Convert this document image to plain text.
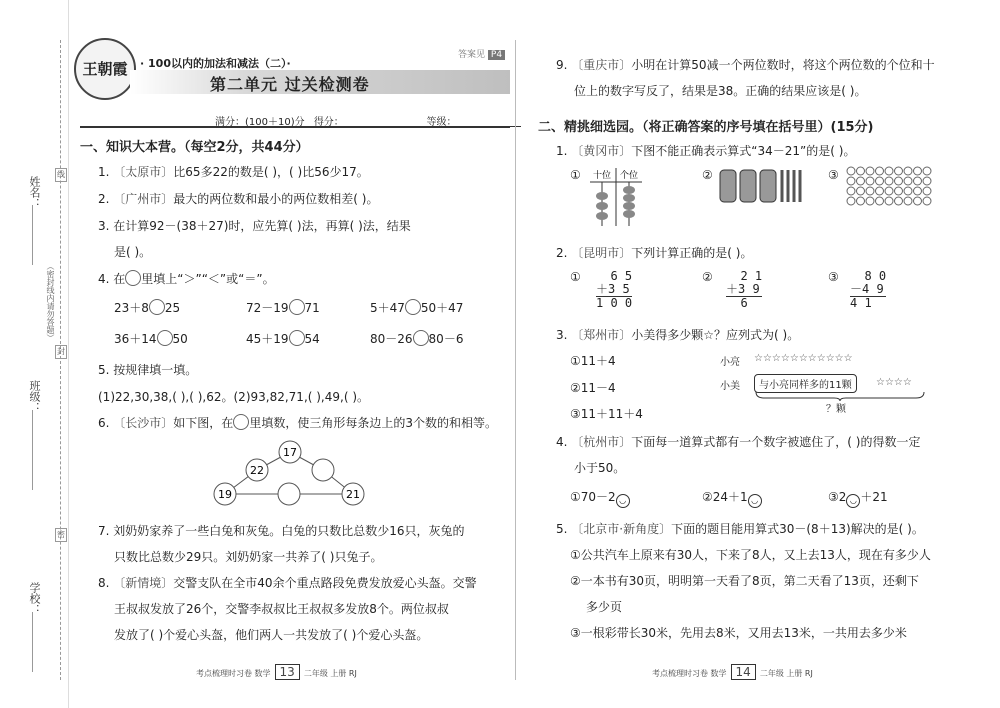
姓名：
班级：
学校：
线
封
密
（密封线内请勿答题）
王朝霞	· 100以内的加法和减法（二）·
答案见 P4
第二单元 过关检测卷
满分：(100＋10)分 得分：	等级：
一、知识大本营。（每空2分，共44分）
1. 〔太原市〕比65多22的数是( )，( )比56少17。
2. 〔广州市〕最大的两位数和最小的两位数相差( )。
3. 在计算92－(38＋27)时，应先算( )法，再算( )法，结果
是( )。
4. 在 里填上“＞”“＜”或“＝”。
23＋8 25	72－19 71	5＋47 50＋47
36＋14 50	45＋19 54	80－26 80－6
5. 按规律填一填。
(1)22,30,38,( ),( ),62。(2)93,82,71,( ),49,( )。
6. 〔长沙市〕如下图，在 里填数，使三角形每条边上的3个数的和相等。
17
22
19	21
7. 刘奶奶家养了一些白兔和灰兔。白兔的只数比总数少16只，灰兔的
只数比总数少29只。刘奶奶家一共养了( )只兔子。
8. 〔新情境〕交警支队在全市40余个重点路段免费发放爱心头盔。交警
王叔叔发放了26个，交警李叔叔比王叔叔多发放8个。两位叔叔
发放了( )个爱心头盔，他们两人一共发放了( )个爱心头盔。
考点梳理时习卷 数学 13 二年级 上册 RJ
9. 〔重庆市〕小明在计算50减一个两位数时，将这个两位数的个位和十
位上的数字写反了，结果是38。正确的结果应该是( )。
二、精挑细选园。（将正确答案的序号填在括号里）(15分)
1. 〔黄冈市〕下图不能正确表示算式“34－21”的是( )。
① 十位 个位	②	③
2. 〔昆明市〕下列计算正确的是( )。
① 6 5
＋3 5
1 0 0
② 2 1
＋3 9
6
③ 8 0
－4 9
4 1
3. 〔郑州市〕小美得多少颗☆？应列式为( )。
①11＋4
②11－4
③11＋11＋4
小亮 ☆☆☆☆☆☆☆☆☆☆☆
小美	与小亮同样多的11颗	☆☆☆☆
？颗
4. 〔杭州市〕下面每一道算式都有一个数字被遮住了，( )的得数一定
小于50。
①70－2 ◡	②24＋1 ◡	③2 ◡ ＋21
5. 〔北京市·新角度〕下面的题目能用算式30－(8＋13)解决的是( )。
①公共汽车上原来有30人，下来了8人，又上去13人，现在有多少人
②一本书有30页，明明第一天看了8页，第二天看了13页，还剩下
多少页
③一根彩带长30米，先用去8米，又用去13米，一共用去多少米
考点梳理时习卷 数学 14 二年级 上册 RJ
